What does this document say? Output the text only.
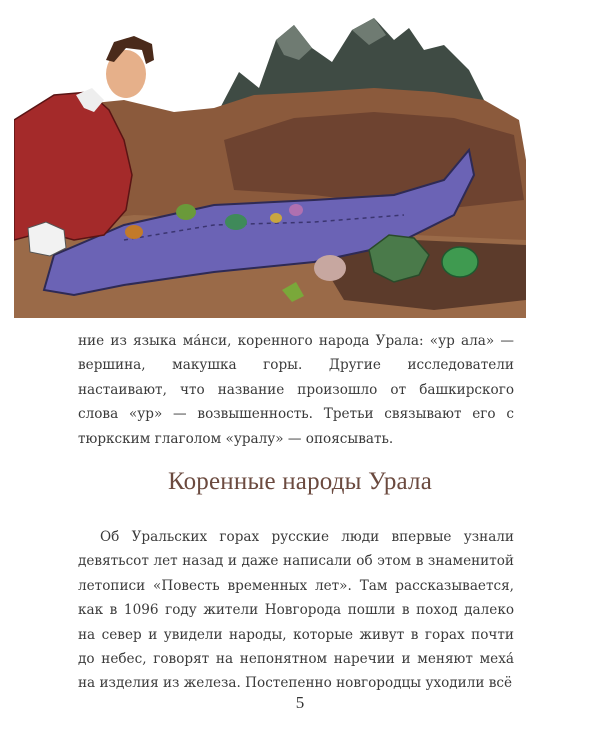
ние из языка ма́нси, коренного народа Урала: «ур ала» — вершина, макушка горы. Другие исследователи настаивают, что название произошло от башкирского слова «ур» — возвышенность. Третьи связывают его с тюркским глаголом «уралу» — опоясывать.

Коренные народы Урала

Об Уральских горах русские люди впервые узнали девятьсот лет назад и даже написали об этом в знаменитой летописи «Повесть временных лет». Там рассказывается, как в 1096 году жители Новгорода пошли в поход далеко на север и увидели народы, которые живут в горах почти до небес, говорят на непонятном наречии и меняют меха́ на изделия из железа. Постепенно новгородцы уходили всё

5
